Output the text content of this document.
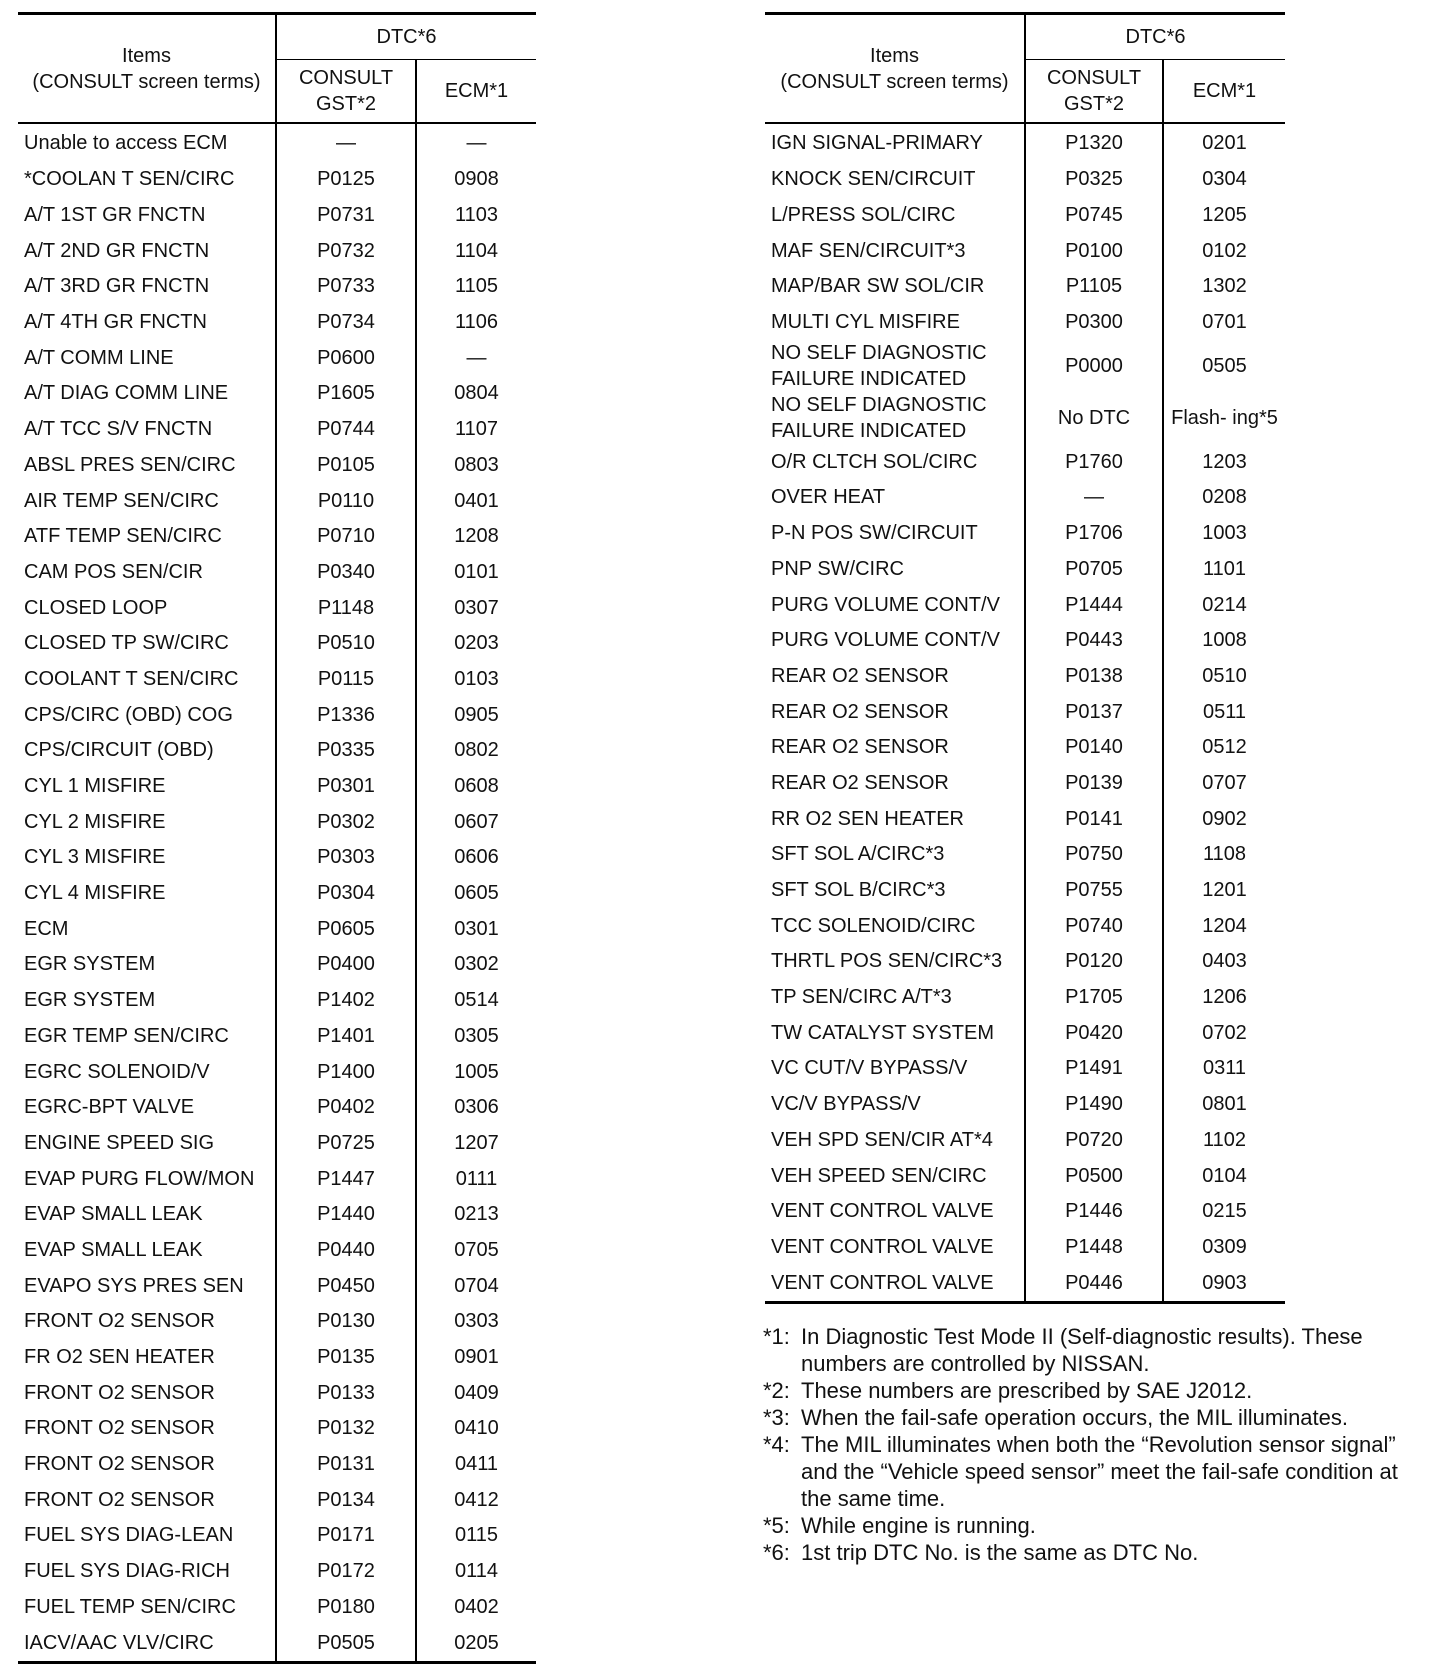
Items
(CONSULT screen terms)	DTC*6	
	CONSULT
GST*2	ECM*1
Unable to access ECM	—	—
*COOLAN T SEN/CIRC	P0125	0908
A/T 1ST GR FNCTN	P0731	1103
A/T 2ND GR FNCTN	P0732	1104
A/T 3RD GR FNCTN	P0733	1105
A/T 4TH GR FNCTN	P0734	1106
A/T COMM LINE	P0600	—
A/T DIAG COMM LINE	P1605	0804
A/T TCC S/V FNCTN	P0744	1107
ABSL PRES SEN/CIRC	P0105	0803
AIR TEMP SEN/CIRC	P0110	0401
ATF TEMP SEN/CIRC	P0710	1208
CAM POS SEN/CIR	P0340	0101
CLOSED LOOP	P1148	0307
CLOSED TP SW/CIRC	P0510	0203
COOLANT T SEN/CIRC	P0115	0103
CPS/CIRC (OBD) COG	P1336	0905
CPS/CIRCUIT (OBD)	P0335	0802
CYL 1 MISFIRE	P0301	0608
CYL 2 MISFIRE	P0302	0607
CYL 3 MISFIRE	P0303	0606
CYL 4 MISFIRE	P0304	0605
ECM	P0605	0301
EGR SYSTEM	P0400	0302
EGR SYSTEM	P1402	0514
EGR TEMP SEN/CIRC	P1401	0305
EGRC SOLENOID/V	P1400	1005
EGRC-BPT VALVE	P0402	0306
ENGINE SPEED SIG	P0725	1207
EVAP PURG FLOW/MON	P1447	0111
EVAP SMALL LEAK	P1440	0213
EVAP SMALL LEAK	P0440	0705
EVAPO SYS PRES SEN	P0450	0704
FRONT O2 SENSOR	P0130	0303
FR O2 SEN HEATER	P0135	0901
FRONT O2 SENSOR	P0133	0409
FRONT O2 SENSOR	P0132	0410
FRONT O2 SENSOR	P0131	0411
FRONT O2 SENSOR	P0134	0412
FUEL SYS DIAG-LEAN	P0171	0115
FUEL SYS DIAG-RICH	P0172	0114
FUEL TEMP SEN/CIRC	P0180	0402
IACV/AAC VLV/CIRC	P0505	0205
Items
(CONSULT screen terms)	DTC*6	
	CONSULT
GST*2	ECM*1
IGN SIGNAL-PRIMARY	P1320	0201
KNOCK SEN/CIRCUIT	P0325	0304
L/PRESS SOL/CIRC	P0745	1205
MAF SEN/CIRCUIT*3	P0100	0102
MAP/BAR SW SOL/CIR	P1105	1302
MULTI CYL MISFIRE	P0300	0701
NO SELF DIAGNOSTIC FAILURE INDICATED	P0000	0505
NO SELF DIAGNOSTIC FAILURE INDICATED	No DTC	Flash- ing*5
O/R CLTCH SOL/CIRC	P1760	1203
OVER HEAT	—	0208
P-N POS SW/CIRCUIT	P1706	1003
PNP SW/CIRC	P0705	1101
PURG VOLUME CONT/V	P1444	0214
PURG VOLUME CONT/V	P0443	1008
REAR O2 SENSOR	P0138	0510
REAR O2 SENSOR	P0137	0511
REAR O2 SENSOR	P0140	0512
REAR O2 SENSOR	P0139	0707
RR O2 SEN HEATER	P0141	0902
SFT SOL A/CIRC*3	P0750	1108
SFT SOL B/CIRC*3	P0755	1201
TCC SOLENOID/CIRC	P0740	1204
THRTL POS SEN/CIRC*3	P0120	0403
TP SEN/CIRC A/T*3	P1705	1206
TW CATALYST SYSTEM	P0420	0702
VC CUT/V BYPASS/V	P1491	0311
VC/V BYPASS/V	P1490	0801
VEH SPD SEN/CIR AT*4	P0720	1102
VEH SPEED SEN/CIRC	P0500	0104
VENT CONTROL VALVE	P1446	0215
VENT CONTROL VALVE	P1448	0309
VENT CONTROL VALVE	P0446	0903
*1: In Diagnostic Test Mode II (Self-diagnostic results). These numbers are controlled by NISSAN.
*2: These numbers are prescribed by SAE J2012.
*3: When the fail-safe operation occurs, the MIL illuminates.
*4: The MIL illuminates when both the “Revolution sensor signal” and the “Vehicle speed sensor” meet the fail-safe condition at the same time.
*5: While engine is running.
*6: 1st trip DTC No. is the same as DTC No.
